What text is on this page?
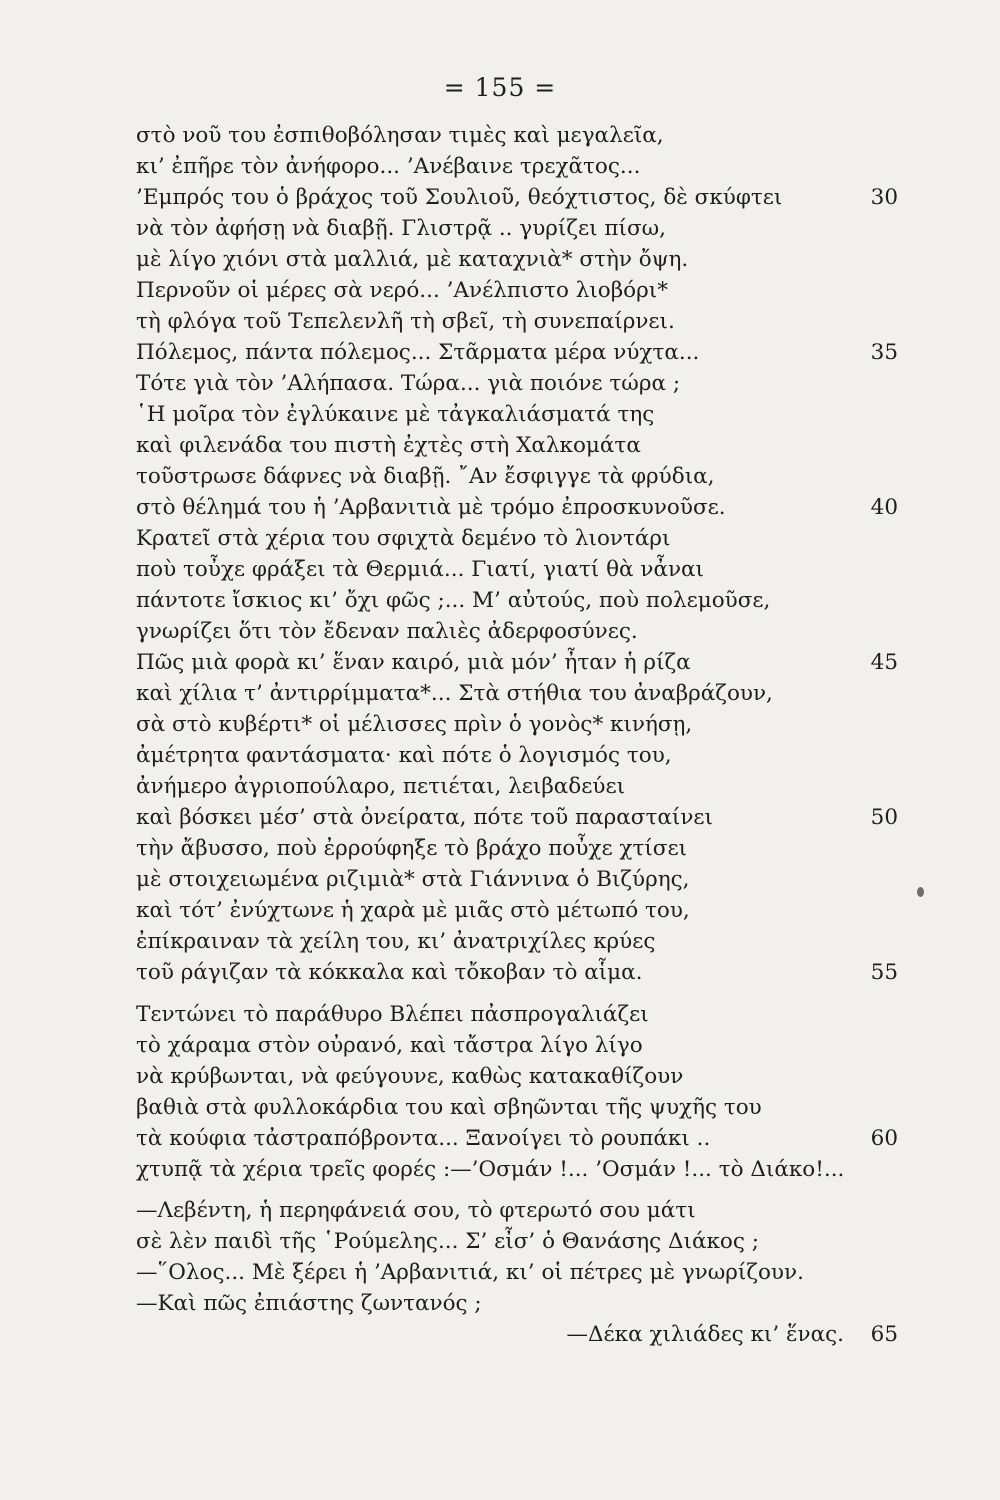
= 155 =
στὸ νοῦ του ἐσπιθοβόλησαν τιμὲς καὶ μεγαλεῖα,
κι’ ἐπῆρε τὸν ἀνήφορο... ’Ανέβαινε τρεχᾶτος...
’Εμπρός του ὁ βράχος τοῦ Σουλιοῦ, θεόχτιστος, δὲ σκύφτει	30
νὰ τὸν ἀφήσῃ νὰ διαβῇ. Γλιστρᾷ .. γυρίζει πίσω,
μὲ λίγο χιόνι στὰ μαλλιά, μὲ καταχνιὰ* στὴν ὄψη.
Περνοῦν οἱ μέρες σὰ νερό... ’Ανέλπιστο λιοβόρι*
τὴ φλόγα τοῦ Τεπελενλῆ τὴ σβεῖ, τὴ συνεπαίρνει.
Πόλεμος, πάντα πόλεμος... Στᾶρματα μέρα νύχτα...	35
Τότε γιὰ τὸν ’Αλήπασα. Τώρα... γιὰ ποιόνε τώρα ;
῾Η μοῖρα τὸν ἐγλύκαινε μὲ τἀγκαλιάσματά της
καὶ φιλενάδα του πιστὴ ἐχτὲς στὴ Χαλκομάτα
τοῦστρωσε δάφνες νὰ διαβῇ. ῎Αν ἔσφιγγε τὰ φρύδια,
στὸ θέλημά του ἡ ’Αρβανιτιὰ μὲ τρόμο ἐπροσκυνοῦσε.	40
Κρατεῖ στὰ χέρια του σφιχτὰ δεμένο τὸ λιοντάρι
ποὺ τοὖχε φράξει τὰ Θερμιά... Γιατί, γιατί θὰ νἆναι
πάντοτε ἴσκιος κι’ ὄχι φῶς ;... Μ’ αὐτούς, ποὺ πολεμοῦσε,
γνωρίζει ὅτι τὸν ἔδεναν παλιὲς ἀδερφοσύνες.
Πῶς μιὰ φορὰ κι’ ἕναν καιρό, μιὰ μόν’ ἦταν ἡ ρίζα	45
καὶ χίλια τ’ ἀντιρρίμματα*... Στὰ στήθια του ἀναβράζουν,
σὰ στὸ κυβέρτι* οἱ μέλισσες πρὶν ὁ γονὸς* κινήσῃ,
ἀμέτρητα φαντάσματα· καὶ πότε ὁ λογισμός του,
ἀνήμερο ἀγριοπούλαρο, πετιέται, λειβαδεύει
καὶ βόσκει μέσ’ στὰ ὀνείρατα, πότε τοῦ παρασταίνει	50
τὴν ἄβυσσο, ποὺ ἐρρούφηξε τὸ βράχο ποὖχε χτίσει
μὲ στοιχειωμένα ριζιμιὰ* στὰ Γιάννινα ὁ Βιζύρης,
καὶ τότ’ ἐνύχτωνε ἡ χαρὰ μὲ μιᾶς στὸ μέτωπό του,
ἐπίκραιναν τὰ χείλη του, κι’ ἀνατριχίλες κρύες
τοῦ ράγιζαν τὰ κόκκαλα καὶ τὄκοβαν τὸ αἷμα.	55
Τεντώνει τὸ παράθυρο Βλέπει πἀσπρογαλιάζει
τὸ χάραμα στὸν οὐρανό, καὶ τἄστρα λίγο λίγο
νὰ κρύβωνται, νὰ φεύγουνε, καθὼς κατακαθίζουν
βαθιὰ στὰ φυλλοκάρδια του καὶ σβηῶνται τῆς ψυχῆς του
τὰ κούφια τἀστραπόβροντα... Ξανοίγει τὸ ρουπάκι ..	60
χτυπᾷ τὰ χέρια τρεῖς φορές :—’Οσμάν !... ’Οσμάν !... τὸ Διάκο!...
—Λεβέντη, ἡ περηφάνειά σου, τὸ φτερωτό σου μάτι
σὲ λὲν παιδὶ τῆς ῾Ρούμελης... Σ’ εἶσ’ ὁ Θανάσης Διάκος ;
—῞Ολος... Μὲ ξέρει ἡ ’Αρβανιτιά, κι’ οἱ πέτρες μὲ γνωρίζουν.
—Καὶ πῶς ἐπιάστης ζωντανός ;
—Δέκα χιλιάδες κι’ ἕνας. 65
